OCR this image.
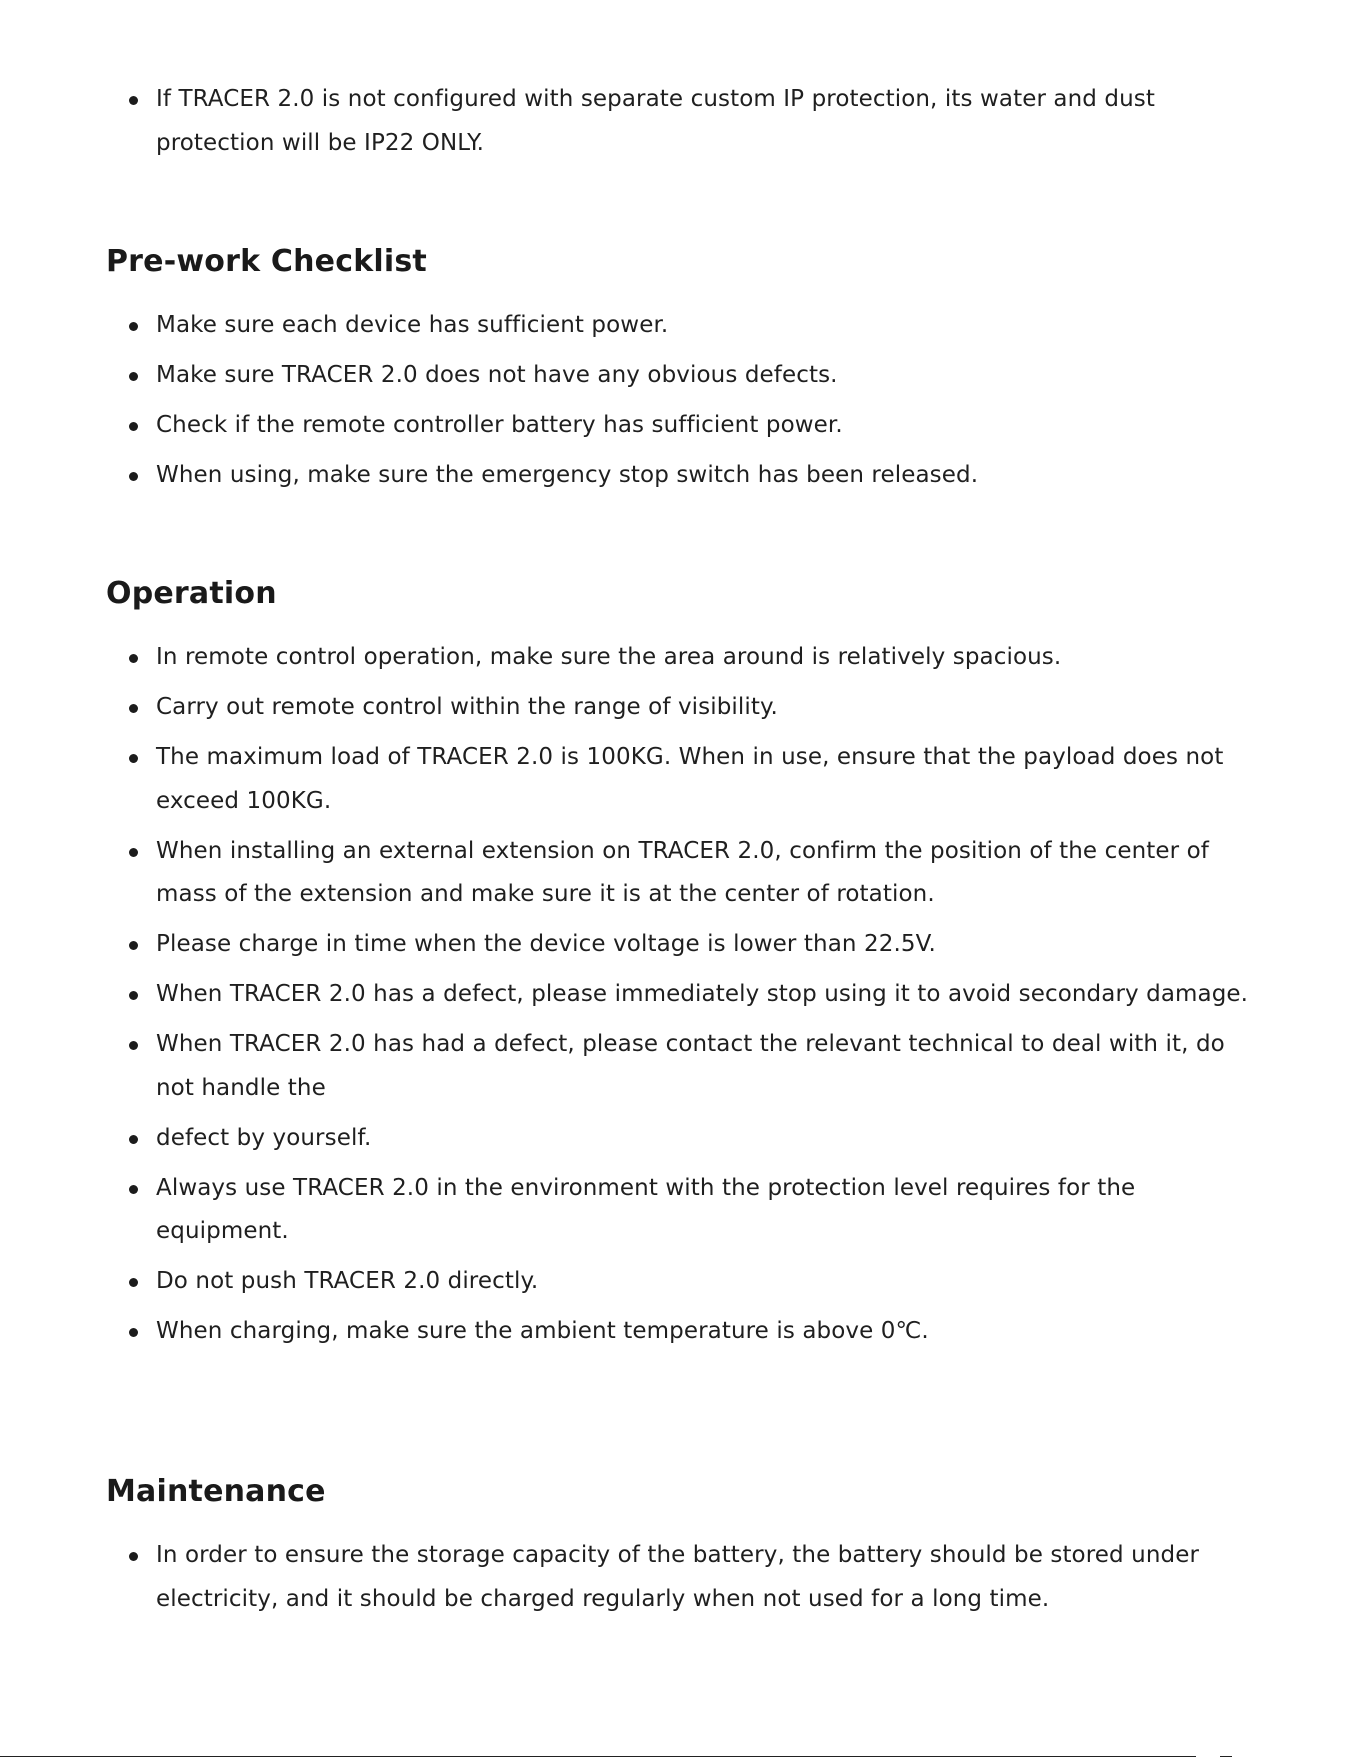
If TRACER 2.0 is not configured with separate custom IP protection, its water and dust protection will be IP22 ONLY.
Pre-work Checklist
Make sure each device has sufficient power.
Make sure TRACER 2.0 does not have any obvious defects.
Check if the remote controller battery has sufficient power.
When using, make sure the emergency stop switch has been released.
Operation
In remote control operation, make sure the area around is relatively spacious.
Carry out remote control within the range of visibility.
The maximum load of TRACER 2.0 is 100KG. When in use, ensure that the payload does not exceed 100KG.
When installing an external extension on TRACER 2.0, confirm the position of the center of mass of the extension and make sure it is at the center of rotation.
Please charge in time when the device voltage is lower than 22.5V.
When TRACER 2.0 has a defect, please immediately stop using it to avoid secondary damage.
When TRACER 2.0 has had a defect, please contact the relevant technical to deal with it, do not handle the
defect by yourself.
Always use TRACER 2.0 in the environment with the protection level requires for the equipment.
Do not push TRACER 2.0 directly.
When charging, make sure the ambient temperature is above 0℃.
Maintenance
In order to ensure the storage capacity of the battery, the battery should be stored under electricity, and it should be charged regularly when not used for a long time.
